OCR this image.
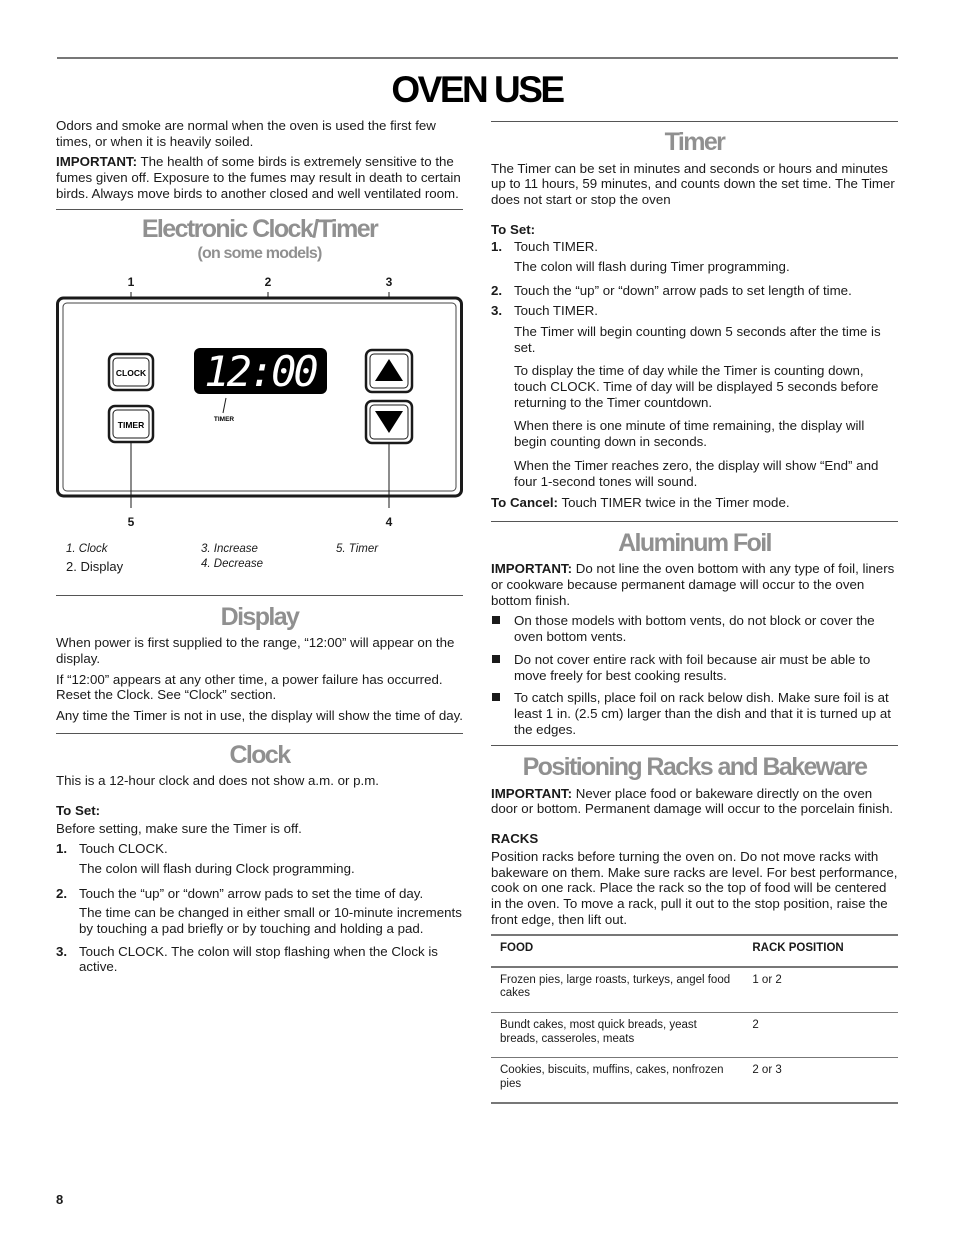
OVEN USE

Odors and smoke are normal when the oven is used the first few times, or when it is heavily soiled.

IMPORTANT: The health of some birds is extremely sensitive to the fumes given off. Exposure to the fumes may result in death to certain birds. Always move birds to another closed and well ventilated room.

Electronic Clock/Timer
(on some models)
1	2	3
CLOCK
TIMER
12:00
TIMER
5	4
1. Clock
2. Display
3. Increase
4. Decrease
5. Timer
Display

When power is first supplied to the range, “12:00” will appear on the display.

If “12:00” appears at any other time, a power failure has occurred. Reset the Clock. See “Clock” section.

Any time the Timer is not in use, the display will show the time of day.

Clock

This is a 12-hour clock and does not show a.m. or p.m.

To Set:

Before setting, make sure the Timer is off.

1. Touch CLOCK.

The colon will flash during Clock programming.

2. Touch the “up” or “down” arrow pads to set the time of day.

The time can be changed in either small or 10-minute increments by touching a pad briefly or by touching and holding a pad.

3. Touch CLOCK. The colon will stop flashing when the Clock is active.
Timer

The Timer can be set in minutes and seconds or hours and minutes up to 11 hours, 59 minutes, and counts down the set time. The Timer does not start or stop the oven

To Set:
1. Touch TIMER.

The colon will flash during Timer programming.

2. Touch the “up” or “down” arrow pads to set length of time.
3. Touch TIMER.

The Timer will begin counting down 5 seconds after the time is set.

To display the time of day while the Timer is counting down, touch CLOCK. Time of day will be displayed 5 seconds before returning to the Timer countdown.

When there is one minute of time remaining, the display will begin counting down in seconds.

When the Timer reaches zero, the display will show “End” and four 1-second tones will sound.

To Cancel: Touch TIMER twice in the Timer mode.

Aluminum Foil

IMPORTANT: Do not line the oven bottom with any type of foil, liners or cookware because permanent damage will occur to the oven bottom finish.

On those models with bottom vents, do not block or cover the oven bottom vents.
Do not cover entire rack with foil because air must be able to move freely for best cooking results.
To catch spills, place foil on rack below dish. Make sure foil is at least 1 in. (2.5 cm) larger than the dish and that it is turned up at the edges.
Positioning Racks and Bakeware

IMPORTANT: Never place food or bakeware directly on the oven door or bottom. Permanent damage will occur to the porcelain finish.

RACKS

Position racks before turning the oven on. Do not move racks with bakeware on them. Make sure racks are level. For best performance, cook on one rack. Place the rack so the top of food will be centered in the oven. To move a rack, pull it out to the stop position, raise the front edge, then lift out.

FOOD	RACK POSITION
Frozen pies, large roasts, turkeys, angel food cakes	1 or 2
Bundt cakes, most quick breads, yeast breads, casseroles, meats	2
Cookies, biscuits, muffins, cakes, nonfrozen pies	2 or 3
8
